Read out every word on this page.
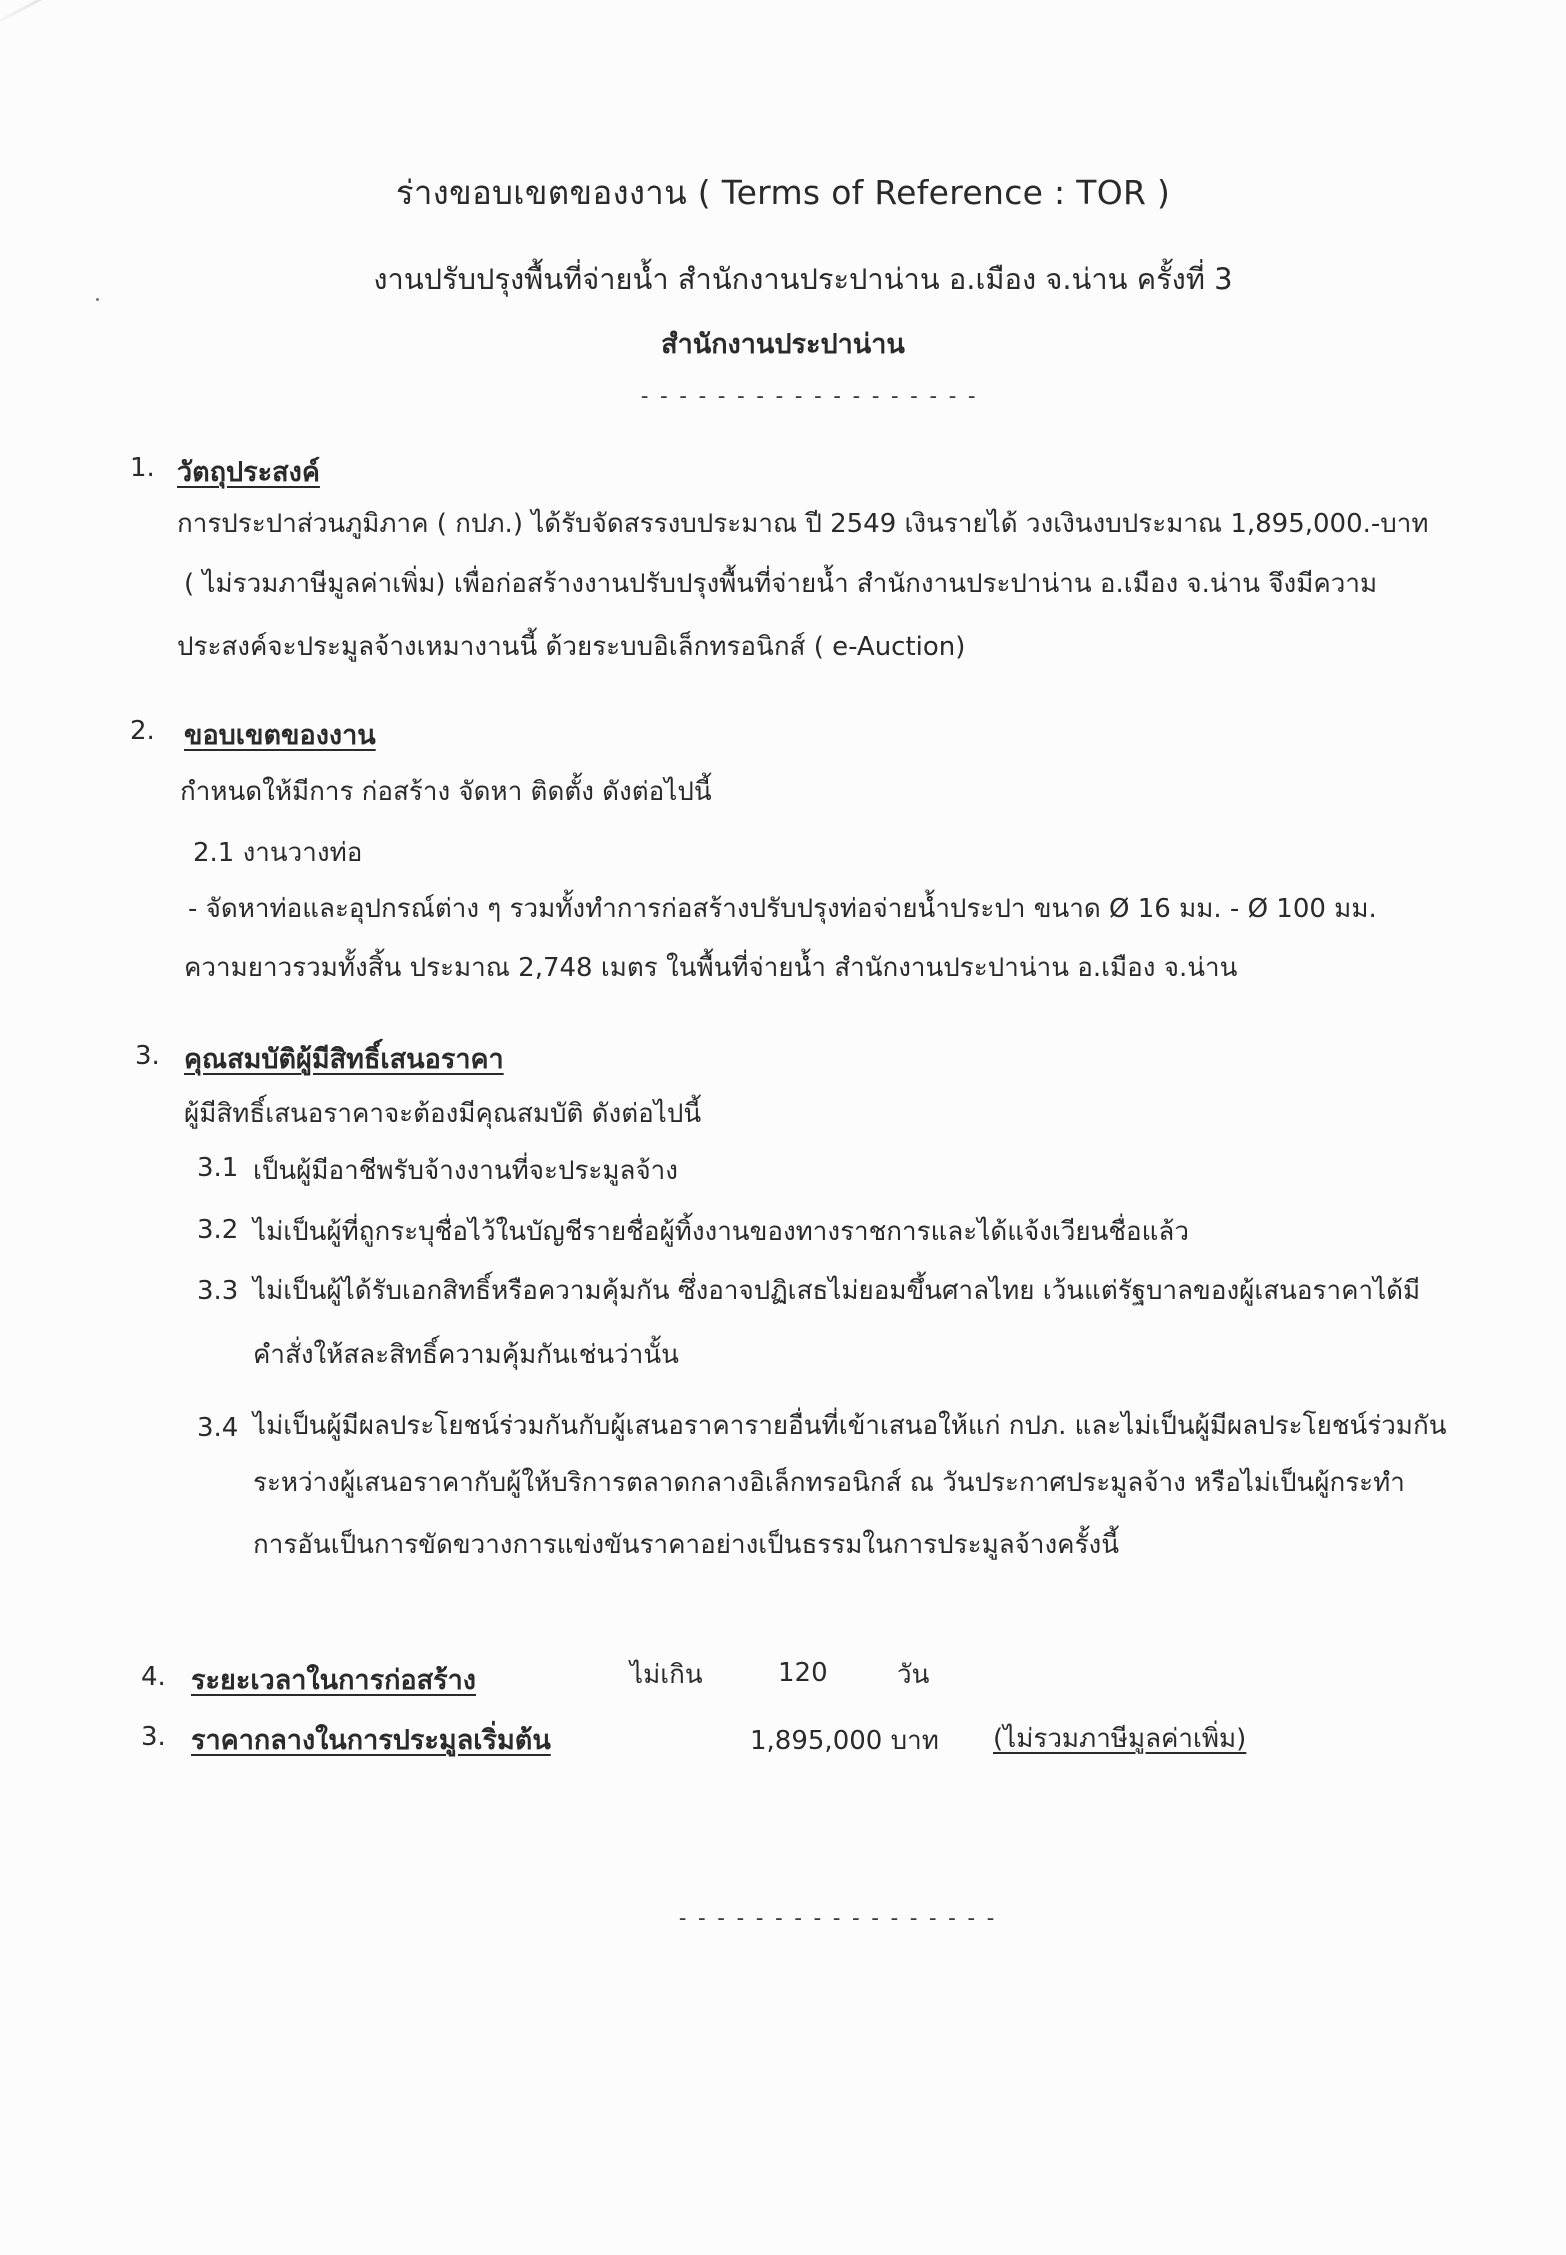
ร่างขอบเขตของงาน ( Terms of Reference : TOR )
งานปรับปรุงพื้นที่จ่ายน้ำ สำนักงานประปาน่าน อ.เมือง จ.น่าน ครั้งที่ 3
สำนักงานประปาน่าน
------------------
1. วัตถุประสงค์
การประปาส่วนภูมิภาค ( กปภ.) ได้รับจัดสรรงบประมาณ ปี 2549 เงินรายได้ วงเงินงบประมาณ 1,895,000.-บาท
( ไม่รวมภาษีมูลค่าเพิ่ม) เพื่อก่อสร้างงานปรับปรุงพื้นที่จ่ายน้ำ สำนักงานประปาน่าน อ.เมือง จ.น่าน จึงมีความ
ประสงค์จะประมูลจ้างเหมางานนี้ ด้วยระบบอิเล็กทรอนิกส์ ( e-Auction)
2. ขอบเขตของงาน
กำหนดให้มีการ ก่อสร้าง จัดหา ติดตั้ง ดังต่อไปนี้
2.1 งานวางท่อ
- จัดหาท่อและอุปกรณ์ต่าง ๆ รวมทั้งทำการก่อสร้างปรับปรุงท่อจ่ายน้ำประปา ขนาด Ø 16 มม. - Ø 100 มม.
ความยาวรวมทั้งสิ้น ประมาณ 2,748 เมตร ในพื้นที่จ่ายน้ำ สำนักงานประปาน่าน อ.เมือง จ.น่าน
3. คุณสมบัติผู้มีสิทธิ์เสนอราคา
ผู้มีสิทธิ์เสนอราคาจะต้องมีคุณสมบัติ ดังต่อไปนี้
3.1 เป็นผู้มีอาชีพรับจ้างงานที่จะประมูลจ้าง
3.2 ไม่เป็นผู้ที่ถูกระบุชื่อไว้ในบัญชีรายชื่อผู้ทิ้งงานของทางราชการและได้แจ้งเวียนชื่อแล้ว
3.3 ไม่เป็นผู้ได้รับเอกสิทธิ์หรือความคุ้มกัน ซึ่งอาจปฏิเสธไม่ยอมขึ้นศาลไทย เว้นแต่รัฐบาลของผู้เสนอราคาได้มี
คำสั่งให้สละสิทธิ์ความคุ้มกันเช่นว่านั้น
3.4 ไม่เป็นผู้มีผลประโยชน์ร่วมกันกับผู้เสนอราคารายอื่นที่เข้าเสนอให้แก่ กปภ. และไม่เป็นผู้มีผลประโยชน์ร่วมกัน
ระหว่างผู้เสนอราคากับผู้ให้บริการตลาดกลางอิเล็กทรอนิกส์ ณ วันประกาศประมูลจ้าง หรือไม่เป็นผู้กระทำ
การอันเป็นการขัดขวางการแข่งขันราคาอย่างเป็นธรรมในการประมูลจ้างครั้งนี้
4. ระยะเวลาในการก่อสร้าง	ไม่เกิน	120	วัน
3. ราคากลางในการประมูลเริ่มต้น	1,895,000 บาท (ไม่รวมภาษีมูลค่าเพิ่ม)
-----------------
